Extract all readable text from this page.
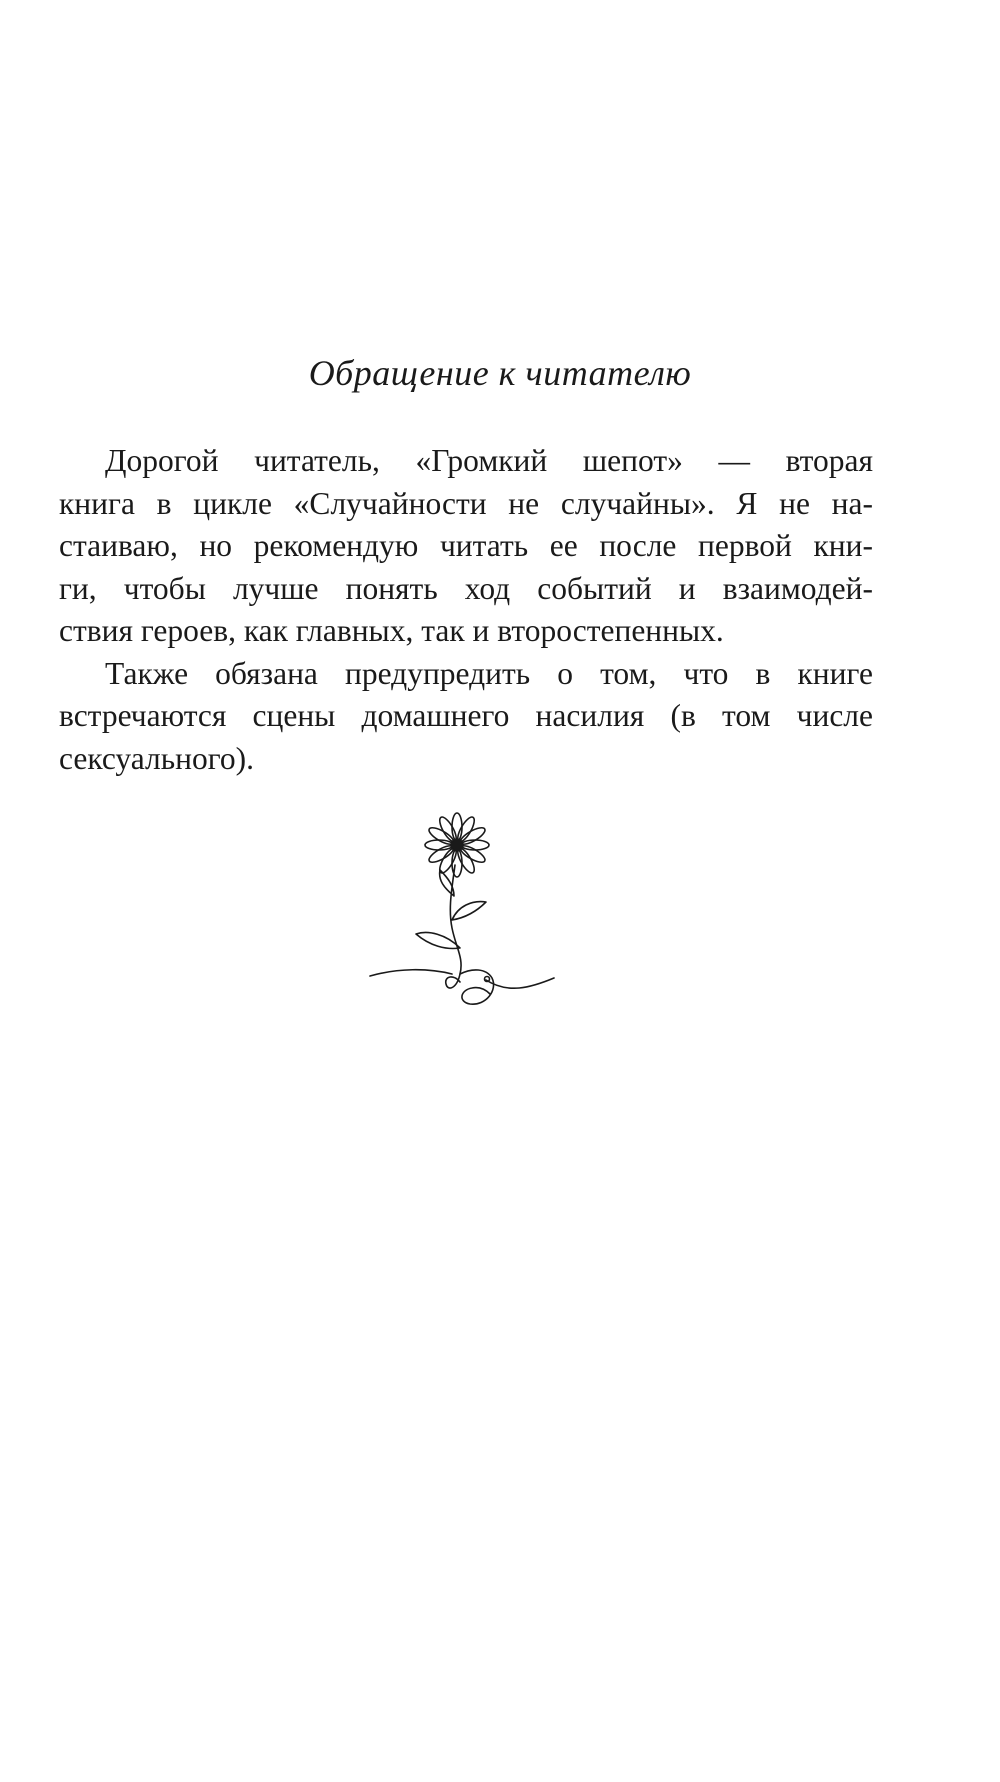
Обращение к читателю
Дорогой читатель, «Громкий шепот» — вторая
книга в цикле «Случайности не случайны». Я не на-
стаиваю, но рекомендую читать ее после первой кни-
ги, чтобы лучше понять ход событий и взаимодей-
ствия героев, как главных, так и второстепенных.
Также обязана предупредить о том, что в книге
встречаются сцены домашнего насилия (в том числе
сексуального).
